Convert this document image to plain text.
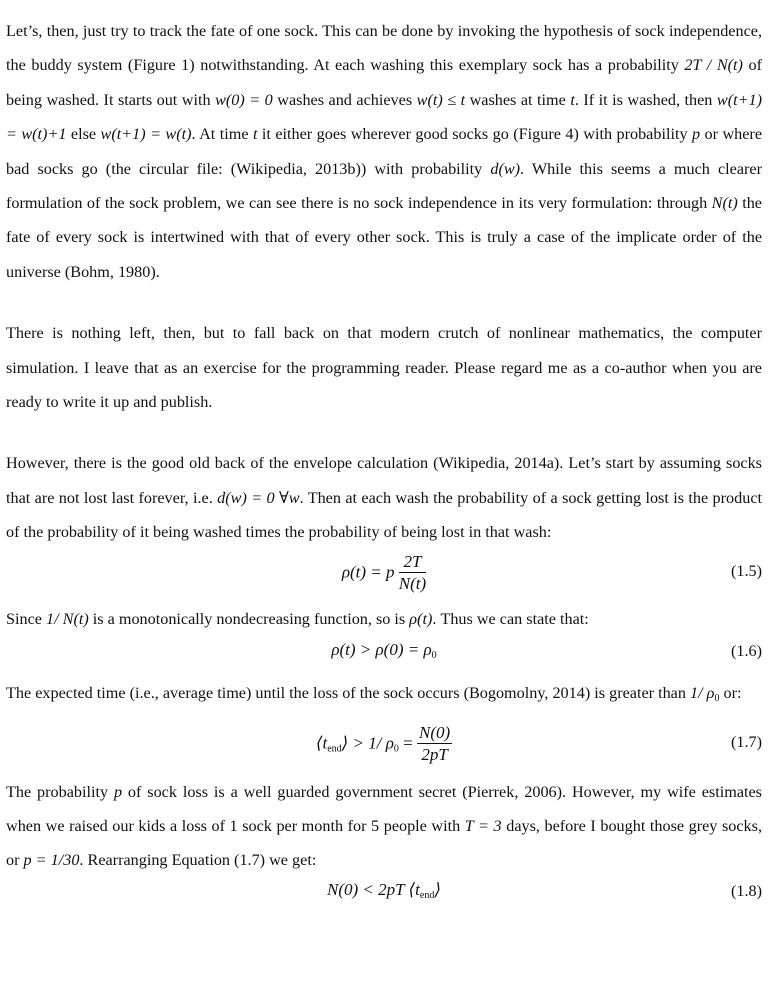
Let’s, then, just try to track the fate of one sock. This can be done by invoking the hypothesis of sock independence, the buddy system (Figure 1) notwithstanding. At each washing this exemplary sock has a probability 2T / N(t) of being washed. It starts out with w(0) = 0 washes and achieves w(t) ≤ t washes at time t. If it is washed, then w(t+1) = w(t)+1 else w(t+1) = w(t). At time t it either goes wherever good socks go (Figure 4) with probability p or where bad socks go (the circular file: (Wikipedia, 2013b)) with probability d(w). While this seems a much clearer formulation of the sock problem, we can see there is no sock independence in its very formulation: through N(t) the fate of every sock is intertwined with that of every other sock. This is truly a case of the implicate order of the universe (Bohm, 1980).

There is nothing left, then, but to fall back on that modern crutch of nonlinear mathematics, the computer simulation. I leave that as an exercise for the programming reader. Please regard me as a co-author when you are ready to write it up and publish.

However, there is the good old back of the envelope calculation (Wikipedia, 2014a). Let’s start by assuming socks that are not lost last forever, i.e. d(w) = 0 ∀w. Then at each wash the probability of a sock getting lost is the product of the probability of it being washed times the probability of being lost in that wash:

ρ(t) = p $\frac{2T}{N(t)}$	(1.5)

Since 1/ N(t) is a monotonically nondecreasing function, so is ρ(t). Thus we can state that:

$\rho(t) > \rho(0) = \rho_0$	(1.6)

The expected time (i.e., average time) until the loss of the sock occurs (Bogomolny, 2014) is greater than 1/ $\rho_0$ or:

$⟨t_{end}⟩ > 1/$ $\rho_0 = \frac{N(0)}{2pT}$	(1.7)

The probability p of sock loss is a well guarded government secret (Pierrek, 2006). However, my wife estimates when we raised our kids a loss of 1 sock per month for 5 people with T = 3 days, before I bought those grey socks, or p = 1/30. Rearranging Equation (1.7) we get:

N(0) < 2pT $⟨t_{end}⟩$	(1.8)
